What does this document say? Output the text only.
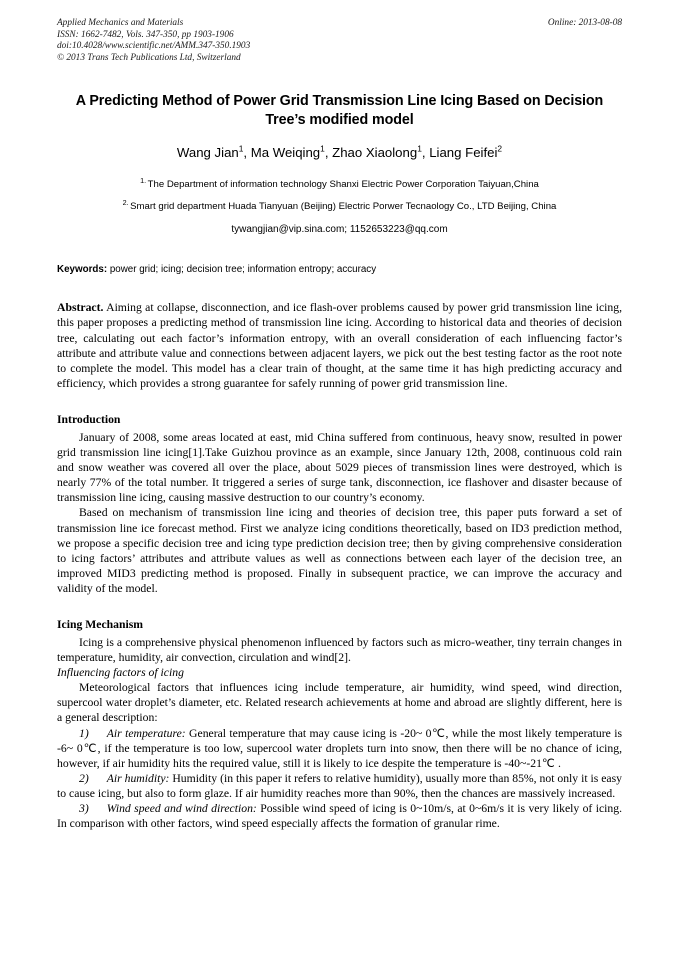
Applied Mechanics and Materials	Online: 2013-08-08
ISSN: 1662-7482, Vols. 347-350, pp 1903-1906
doi:10.4028/www.scientific.net/AMM.347-350.1903
© 2013 Trans Tech Publications Ltd, Switzerland
A Predicting Method of Power Grid Transmission Line Icing Based on Decision Tree’s modified model
Wang Jian$^1$, Ma Weiqing$^1$, Zhao Xiaolong$^1$, Liang Feifei$^2$
$^{1.}$ The Department of information technology Shanxi Electric Power Corporation Taiyuan,China
$^{2.}$ Smart grid department Huada Tianyuan (Beijing) Electric Porwer Tecnaology Co., LTD Beijing, China
tywangjian@vip.sina.com; 1152653223@qq.com
Keywords: power grid; icing; decision tree; information entropy; accuracy
Abstract. Aiming at collapse, disconnection, and ice flash-over problems caused by power grid transmission line icing, this paper proposes a predicting method of transmission line icing. According to historical data and theories of decision tree, calculating out each factor’s information entropy, with an overall consideration of each influencing factor’s attribute and attribute value and connections between adjacent layers, we pick out the best testing factor as the root note to complete the model. This model has a clear train of thought, at the same time it has high predicting accuracy and efficiency, which provides a strong guarantee for safely running of power grid transmission line.
Introduction

January of 2008, some areas located at east, mid China suffered from continuous, heavy snow, resulted in power grid transmission line icing[1].Take Guizhou province as an example, since January 12th, 2008, continuous cold rain and snow weather was covered all over the place, about 5029 pieces of transmission lines were destroyed, which is nearly 77% of the total number. It triggered a series of surge tank, disconnection, ice flashover and disaster because of transmission line icing, causing massive destruction to our country’s economy.

Based on mechanism of transmission line icing and theories of decision tree, this paper puts forward a set of transmission line ice forecast method. First we analyze icing conditions theoretically, based on ID3 prediction method, we propose a specific decision tree and icing type prediction decision tree; then by giving comprehensive consideration to icing factors’ attributes and attribute values as well as connections between each layer of the decision tree, an improved MID3 predicting method is proposed. Finally in subsequent practice, we can improve the accuracy and validity of the model.

Icing Mechanism

Icing is a comprehensive physical phenomenon influenced by factors such as micro-weather, tiny terrain changes in temperature, humidity, air convection, circulation and wind[2].

Influencing factors of icing

Meteorological factors that influences icing include temperature, air humidity, wind speed, wind direction, supercool water droplet’s diameter, etc. Related research achievements at home and abroad are slightly different, here is a general description:

1) Air temperature: General temperature that may cause icing is -20~ 0℃, while the most likely temperature is -6~ 0℃, if the temperature is too low, supercool water droplets turn into snow, then there will be no chance of icing, however, if air humidity hits the required value, still it is likely to ice despite the temperature is -40~-21℃ .

2) Air humidity: Humidity (in this paper it refers to relative humidity), usually more than 85%, not only it is easy to cause icing, but also to form glaze. If air humidity reaches more than 90%, then the chances are massively increased.

3) Wind speed and wind direction: Possible wind speed of icing is 0~10m/s, at 0~6m/s it is very likely of icing. In comparison with other factors, wind speed especially affects the formation of granular rime.
